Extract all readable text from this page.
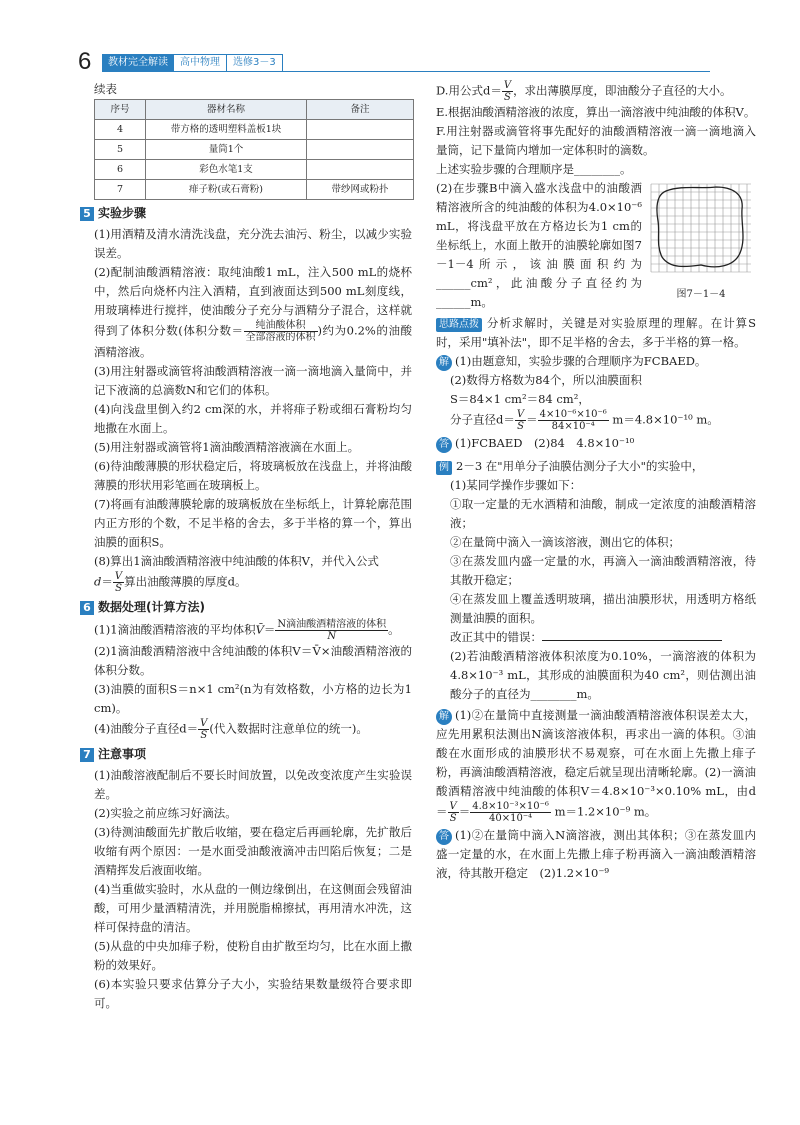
6	教材完全解读	高中物理	选修3－3

续表

序号	器材名称	备注
4	带方格的透明塑料盖板1块	
5	量筒1个	
6	彩色水笔1支	
7	痱子粉(或石膏粉)	带纱网或粉扑
5 实验步骤

(1)用酒精及清水清洗浅盘，充分洗去油污、粉尘，以减少实验误差。

(2)配制油酸酒精溶液：取纯油酸1 mL，注入500 mL的烧杯中，然后向烧杯内注入酒精，直到液面达到500 mL刻度线，用玻璃棒进行搅拌，使油酸分子充分与酒精分子混合，这样就得到了体积分数(体积分数＝ $\frac{\text{纯油酸体积}}{\text{全部溶液的体积}}$ )约为0.2%的油酸酒精溶液。

(3)用注射器或滴管将油酸酒精溶液一滴一滴地滴入量筒中，并记下液滴的总滴数N和它们的体积。

(4)向浅盘里倒入约2 cm深的水，并将痱子粉或细石膏粉均匀地撒在水面上。

(5)用注射器或滴管将1滴油酸酒精溶液滴在水面上。

(6)待油酸薄膜的形状稳定后，将玻璃板放在浅盘上，并将油酸薄膜的形状用彩笔画在玻璃板上。

(7)将画有油酸薄膜轮廓的玻璃板放在坐标纸上，计算轮廓范围内正方形的个数，不足半格的舍去，多于半格的算一个，算出油膜的面积S。

(8)算出1滴油酸酒精溶液中纯油酸的体积V，并代入公式
$d= \frac{V}{S}$ 算出油酸薄膜的厚度d。

6 数据处理(计算方法)

(1)1滴油酸酒精溶液的平均体积V̄＝ $\frac{\text{N滴油酸酒精溶液的体积}}{N}$ 。

(2)1滴油酸酒精溶液中含纯油酸的体积V＝V̄×油酸酒精溶液的体积分数。

(3)油膜的面积S＝n×1 cm²(n为有效格数，小方格的边长为1 cm)。

(4)油酸分子直径$d= \frac{V}{S}$ (代入数据时注意单位的统一)。

7 注意事项

(1)油酸溶液配制后不要长时间放置，以免改变浓度产生实验误差。

(2)实验之前应练习好滴法。

(3)待测油酸面先扩散后收缩，要在稳定后再画轮廓，先扩散后收缩有两个原因：一是水面受油酸液滴冲击凹陷后恢复；二是酒精挥发后液面收缩。

(4)当重做实验时，水从盘的一侧边缘倒出，在这侧面会残留油酸，可用少量酒精清洗，并用脱脂棉擦拭，再用清水冲洗，这样可保持盘的清洁。

(5)从盘的中央加痱子粉，使粉自由扩散至均匀，比在水面上撒粉的效果好。

(6)本实验只要求估算分子大小，实验结果数量级符合要求即可。

D.用公式$d= \frac{V}{S}$ ，求出薄膜厚度，即油酸分子直径的大小。

E.根据油酸酒精溶液的浓度，算出一滴溶液中纯油酸的体积V。

F.用注射器或滴管将事先配好的油酸酒精溶液一滴一滴地滴入量筒，记下量筒内增加一定体积时的滴数。

上述实验步骤的合理顺序是________。

图7－1－4

(2)在步骤B中滴入盛水浅盘中的油酸酒精溶液所含的纯油酸的体积为4.0×10⁻⁶ mL，将浅盘平放在方格边长为1 cm的坐标纸上，水面上散开的油膜轮廓如图7－1－4所示，该油膜面积约为______cm²，此油酸分子直径约为______m。

思路点拨 分析求解时，关键是对实验原理的理解。在计算S时，采用"填补法"，即不足半格的舍去，多于半格的算一格。

解 (1)由题意知，实验步骤的合理顺序为FCBAED。

(2)数得方格数为84个，所以油膜面积

S＝84×1 cm²＝84 cm²，

分子直径$d= \frac{V}{S} = \frac{\text{4×10⁻⁶×10⁻⁶}}{\text{84×10⁻⁴}} m=4.8\times 10^{-10}$ m。

答 (1)FCBAED　(2)84　4.8×10⁻¹⁰

例 2－3 在"用单分子油膜估测分子大小"的实验中，

(1)某同学操作步骤如下：

①取一定量的无水酒精和油酸，制成一定浓度的油酸酒精溶液；

②在量筒中滴入一滴该溶液，测出它的体积；

③在蒸发皿内盛一定量的水，再滴入一滴油酸酒精溶液，待其散开稳定；

④在蒸发皿上覆盖透明玻璃，描出油膜形状，用透明方格纸测量油膜的面积。

改正其中的错误：

(2)若油酸酒精溶液体积浓度为0.10%，一滴溶液的体积为4.8×10⁻³ mL，其形成的油膜面积为40 cm²，则估测出油酸分子的直径为________m。

解 (1)②在量筒中直接测量一滴油酸酒精溶液体积误差太大，应先用累积法测出N滴该溶液体积，再求出一滴的体积。③油酸在水面形成的油膜形状不易观察，可在水面上先撒上痱子粉，再滴油酸酒精溶液，稳定后就呈现出清晰轮廓。(2)一滴油酸酒精溶液中纯油酸的体积V＝4.8×10⁻³×0.10% mL，由$d= \frac{V}{S} = \frac{\text{4.8×10⁻³×10⁻⁶}}{\text{40×10⁻⁴}} m=1.2\times 10^{-9}$ m。

答 (1)②在量筒中滴入N滴溶液，测出其体积；③在蒸发皿内盛一定量的水，在水面上先撒上痱子粉再滴入一滴油酸酒精溶液，待其散开稳定　(2)1.2×10⁻⁹
